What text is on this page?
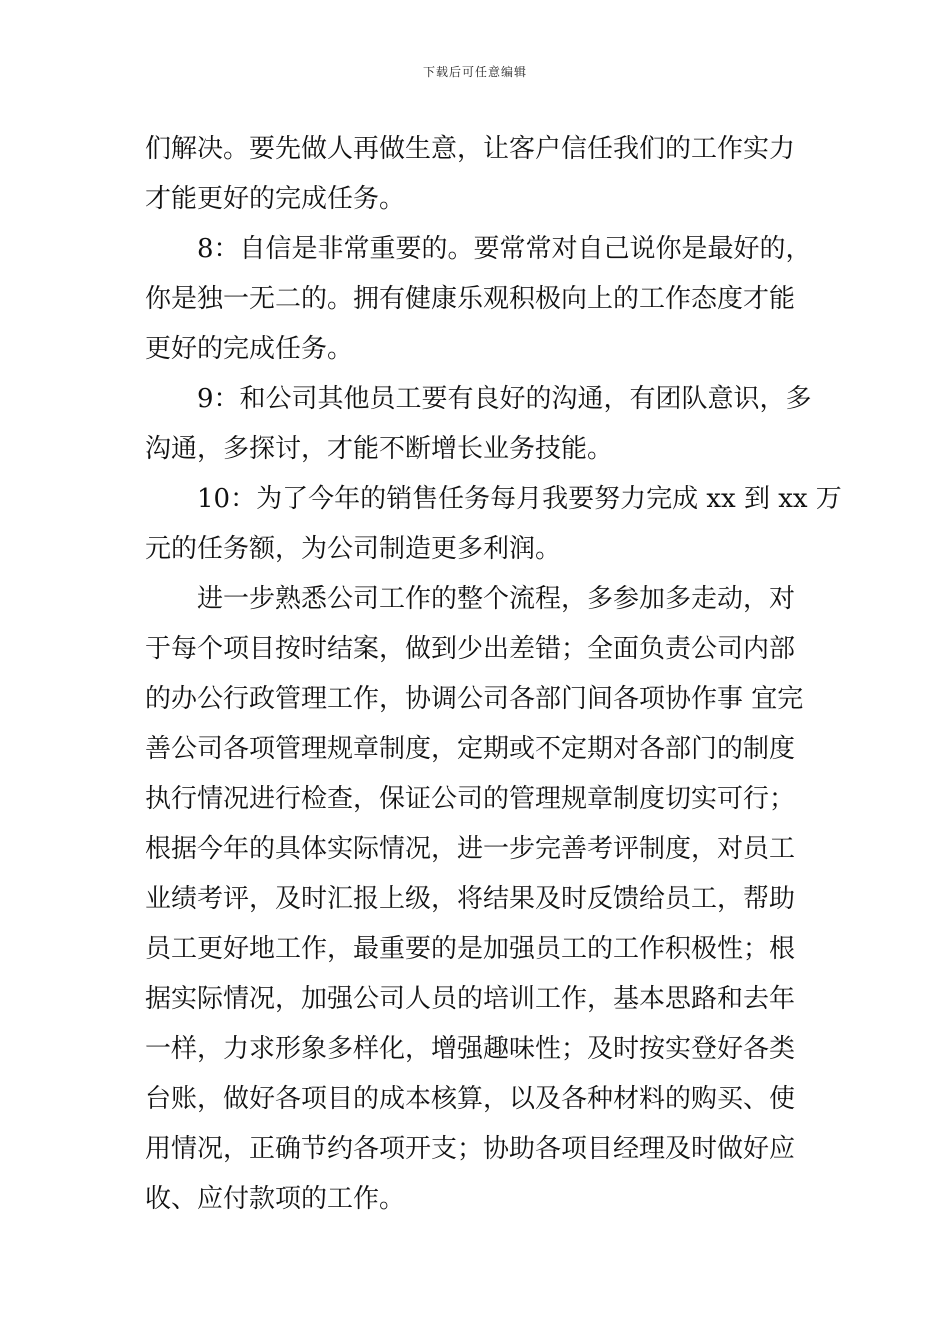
下载后可任意编辑
们解决。要先做人再做生意，让客户信任我们的工作实力
才能更好的完成任务。
　　8：自信是非常重要的。要常常对自己说你是最好的，
你是独一无二的。拥有健康乐观积极向上的工作态度才能
更好的完成任务。
　　9：和公司其他员工要有良好的沟通，有团队意识，多
沟通，多探讨，才能不断增长业务技能。
　　10：为了今年的销售任务每月我要努力完成 xx 到 xx 万
元的任务额，为公司制造更多利润。
　　进一步熟悉公司工作的整个流程，多参加多走动，对
于每个项目按时结案，做到少出差错；全面负责公司内部
的办公行政管理工作，协调公司各部门间各项协作事 宜完
善公司各项管理规章制度，定期或不定期对各部门的制度
执行情况进行检查，保证公司的管理规章制度切实可行；
根据今年的具体实际情况，进一步完善考评制度，对员工
业绩考评，及时汇报上级，将结果及时反馈给员工，帮助
员工更好地工作，最重要的是加强员工的工作积极性；根
据实际情况，加强公司人员的培训工作，基本思路和去年
一样，力求形象多样化，增强趣味性；及时按实登好各类
台账，做好各项目的成本核算，以及各种材料的购买、使
用情况，正确节约各项开支；协助各项目经理及时做好应
收、应付款项的工作。
